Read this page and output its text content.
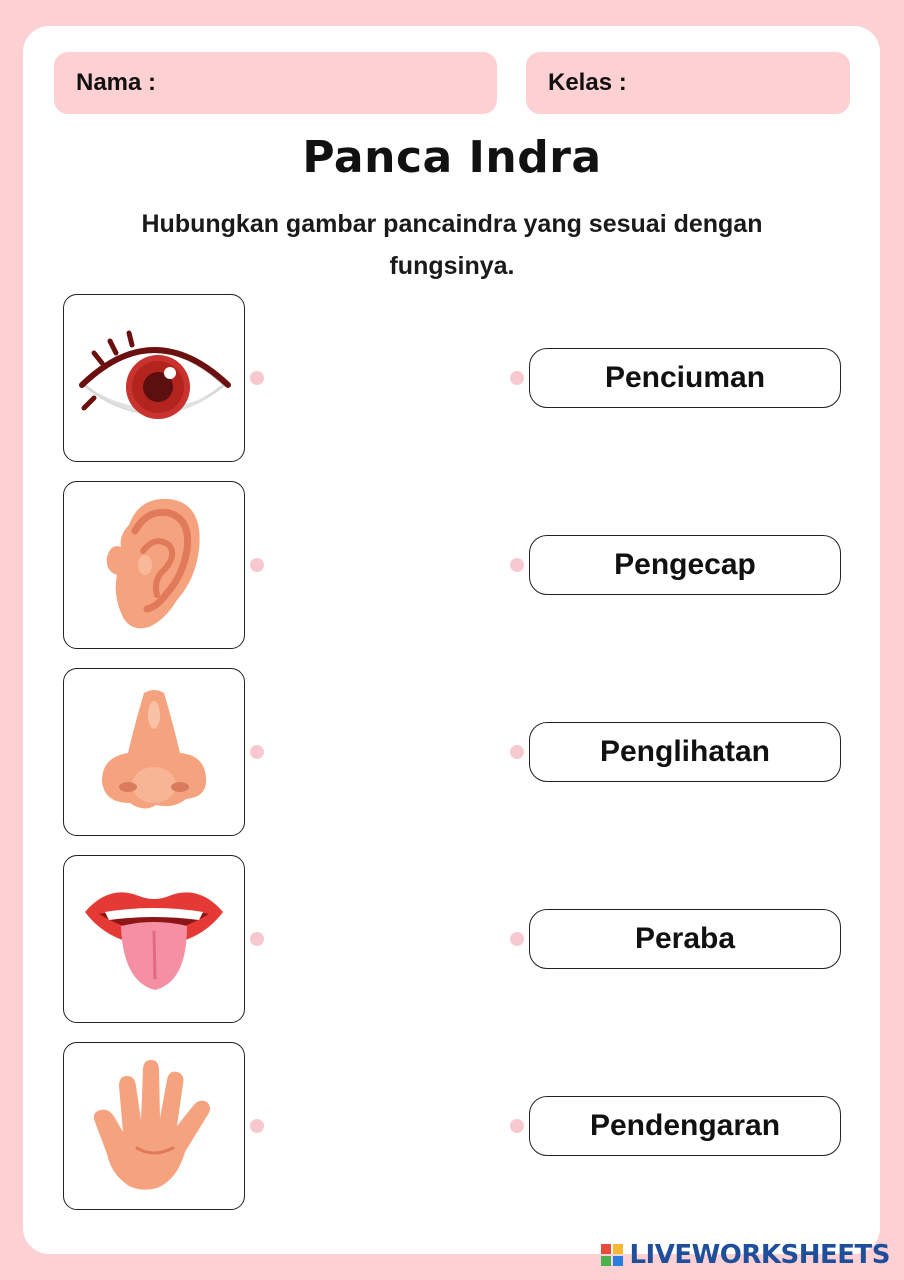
Nama :	Kelas :
Panca Indra
Hubungkan gambar pancaindra yang sesuai dengan fungsinya.
Penciuman
Pengecap
Penglihatan
Peraba
Pendengaran
LIVEWORKSHEETS
